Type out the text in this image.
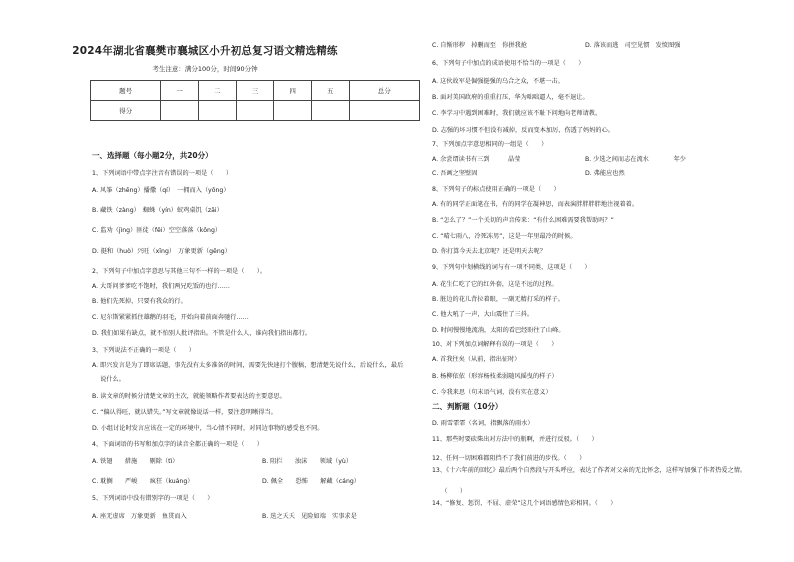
2024年湖北省襄樊市襄城区小升初总复习语文精选精练
考生注意：满分100分，时间90分钟
题号	一	二	三	四	五	总分
得分						
一、选择题（每小题2分，共20分）
1、下列词语中带点字注音有错误的一项是（　　）
A. 风筝（zhēng）播撒（qí）　一拥而入（yōng）
B. 藏铁（zàng）　蜘蛛（yín）蚁鸡桌饥（zāi）
C. 监劝（jìng）匪徒（fěi）空空落落（kōng）
D. 挺和（huò）兴旺（xīng）　万象更新（gēng）
2、下列句子中加点字意思与其他三句不一样的一项是（　　）。
A. 大哥问爹爹吃不饱时，我们两兄吃饭的也行……
B. 他们先死掉，只要有我众的行。
C. 尼尔斯紧紧抓住雄鹅的羽毛，开始向着前面奔驰行……
D. 我们如果有缺点，就不怕别人批评指出。不管是什么人，谁向我们指出都行。
3、下列说法不正确的一项是（　　）
A. 即兴发言是为了即席话题，事先没有太多准备的时间，需要先快速打个腹稿，想清楚先说什么，后说什么，最后
　 说什么。
B. 读文章的时候分清楚文章的主次，就能领略作者要表达的主要意思。
C. “偏认得旺，就认错失。”写文章就像说话一样，要注意明晰得当。
D. 小组讨论时发言应该在一定的环境中，当心情不同时，对同边事物的感受也不同。
4、下面词语的书写和加点字的读音全都正确的一项是（　　）
A. 铁翅　　措施　　剔除（tì）	B. 阻拦　　浊沫　　领域（yù）
C. 耽搁　　严峻　　疯狂（kuáng）	D. 佩全　　恐怖　　解藏（cáng）
5、下列词语中没有错别字的一项是（　　）
A. 座无虚席　万象更新　鱼贯而入	B. 迭之夭夭　见险如端　实事求是
二、判断题（10分）
C. 自惭形秽　掉删而至　你拼我抢	D. 落该而逃　司空见惯　发愤图强
6、下列句子中加点的成语使用不恰当的一项是（　　）
A. 这伙故军是倔强挺强的乌合之众，不堪一击。
B. 面对美国政府的重重打压，华为咄咄逼人，毫不退让。
C. 李学习中遇到困难时，我们就应该不耻下问地向老师请教。
D. 志强的坏习惯不但没有减掉，反而变本加厉，伤透了妈妈的心。
7、下列加点字意思相同的一组是（　　）
A. 余尝谓读书有三到　　　晶莹	B. 少选之间而志在流水　　　　年少
C. 吾画之坚壁固	D. 弗能应也然
8、下列句子的标点使用正确的一项是（　　）
A. 有的同学正面笔在书，有的同学在凝神思，而表演胖胖胖胖地注视着着。
B. “怎么了？”一个关切的声音传来：“有什么困难需要我帮助吗？”
C. “晴七雨八，冷死冻男”，这是一年里最冷的时候。
D. 你打算今天去北京呢？还是明天去呢？
9、下列句中划横线的词与有一项不同类，这项是（　　）
A. 花生仁吃了它的红外套，这是不远的过程。
B. 脏边的花儿背拉着眼，一副无精打采的样子。
C. 他大吼了一声，大山震住了三抖。
D. 时间慢慢地流淌，太阳的看巴经盼往了山峰。
10、对下列加点词解释有误的一项是（　　）
A. 首我往矣（从前，指出征时）
B. 杨柳依依（形容杨枝柔弱随风摇曳的样子）
C. 今我来思（句末语气词，没有实在意义）
D. 雨雪霏霏（名词，指飘落的雨水）
11、那些时要砍柴出对方法中的瓶啊，并进行反驳。（　　）
12、任何一切困难都阻挡不了我们前进的步伐。（　　）
13、《十六年前的回忆》最后两个自然段与开头呼应，表达了作者对父亲的无比怀念，这样写加强了作者热爱之情。
　　（　　）
14、“修复、惩罚、不屈、虚荣”这几个词语感情色彩相同。（　　）
